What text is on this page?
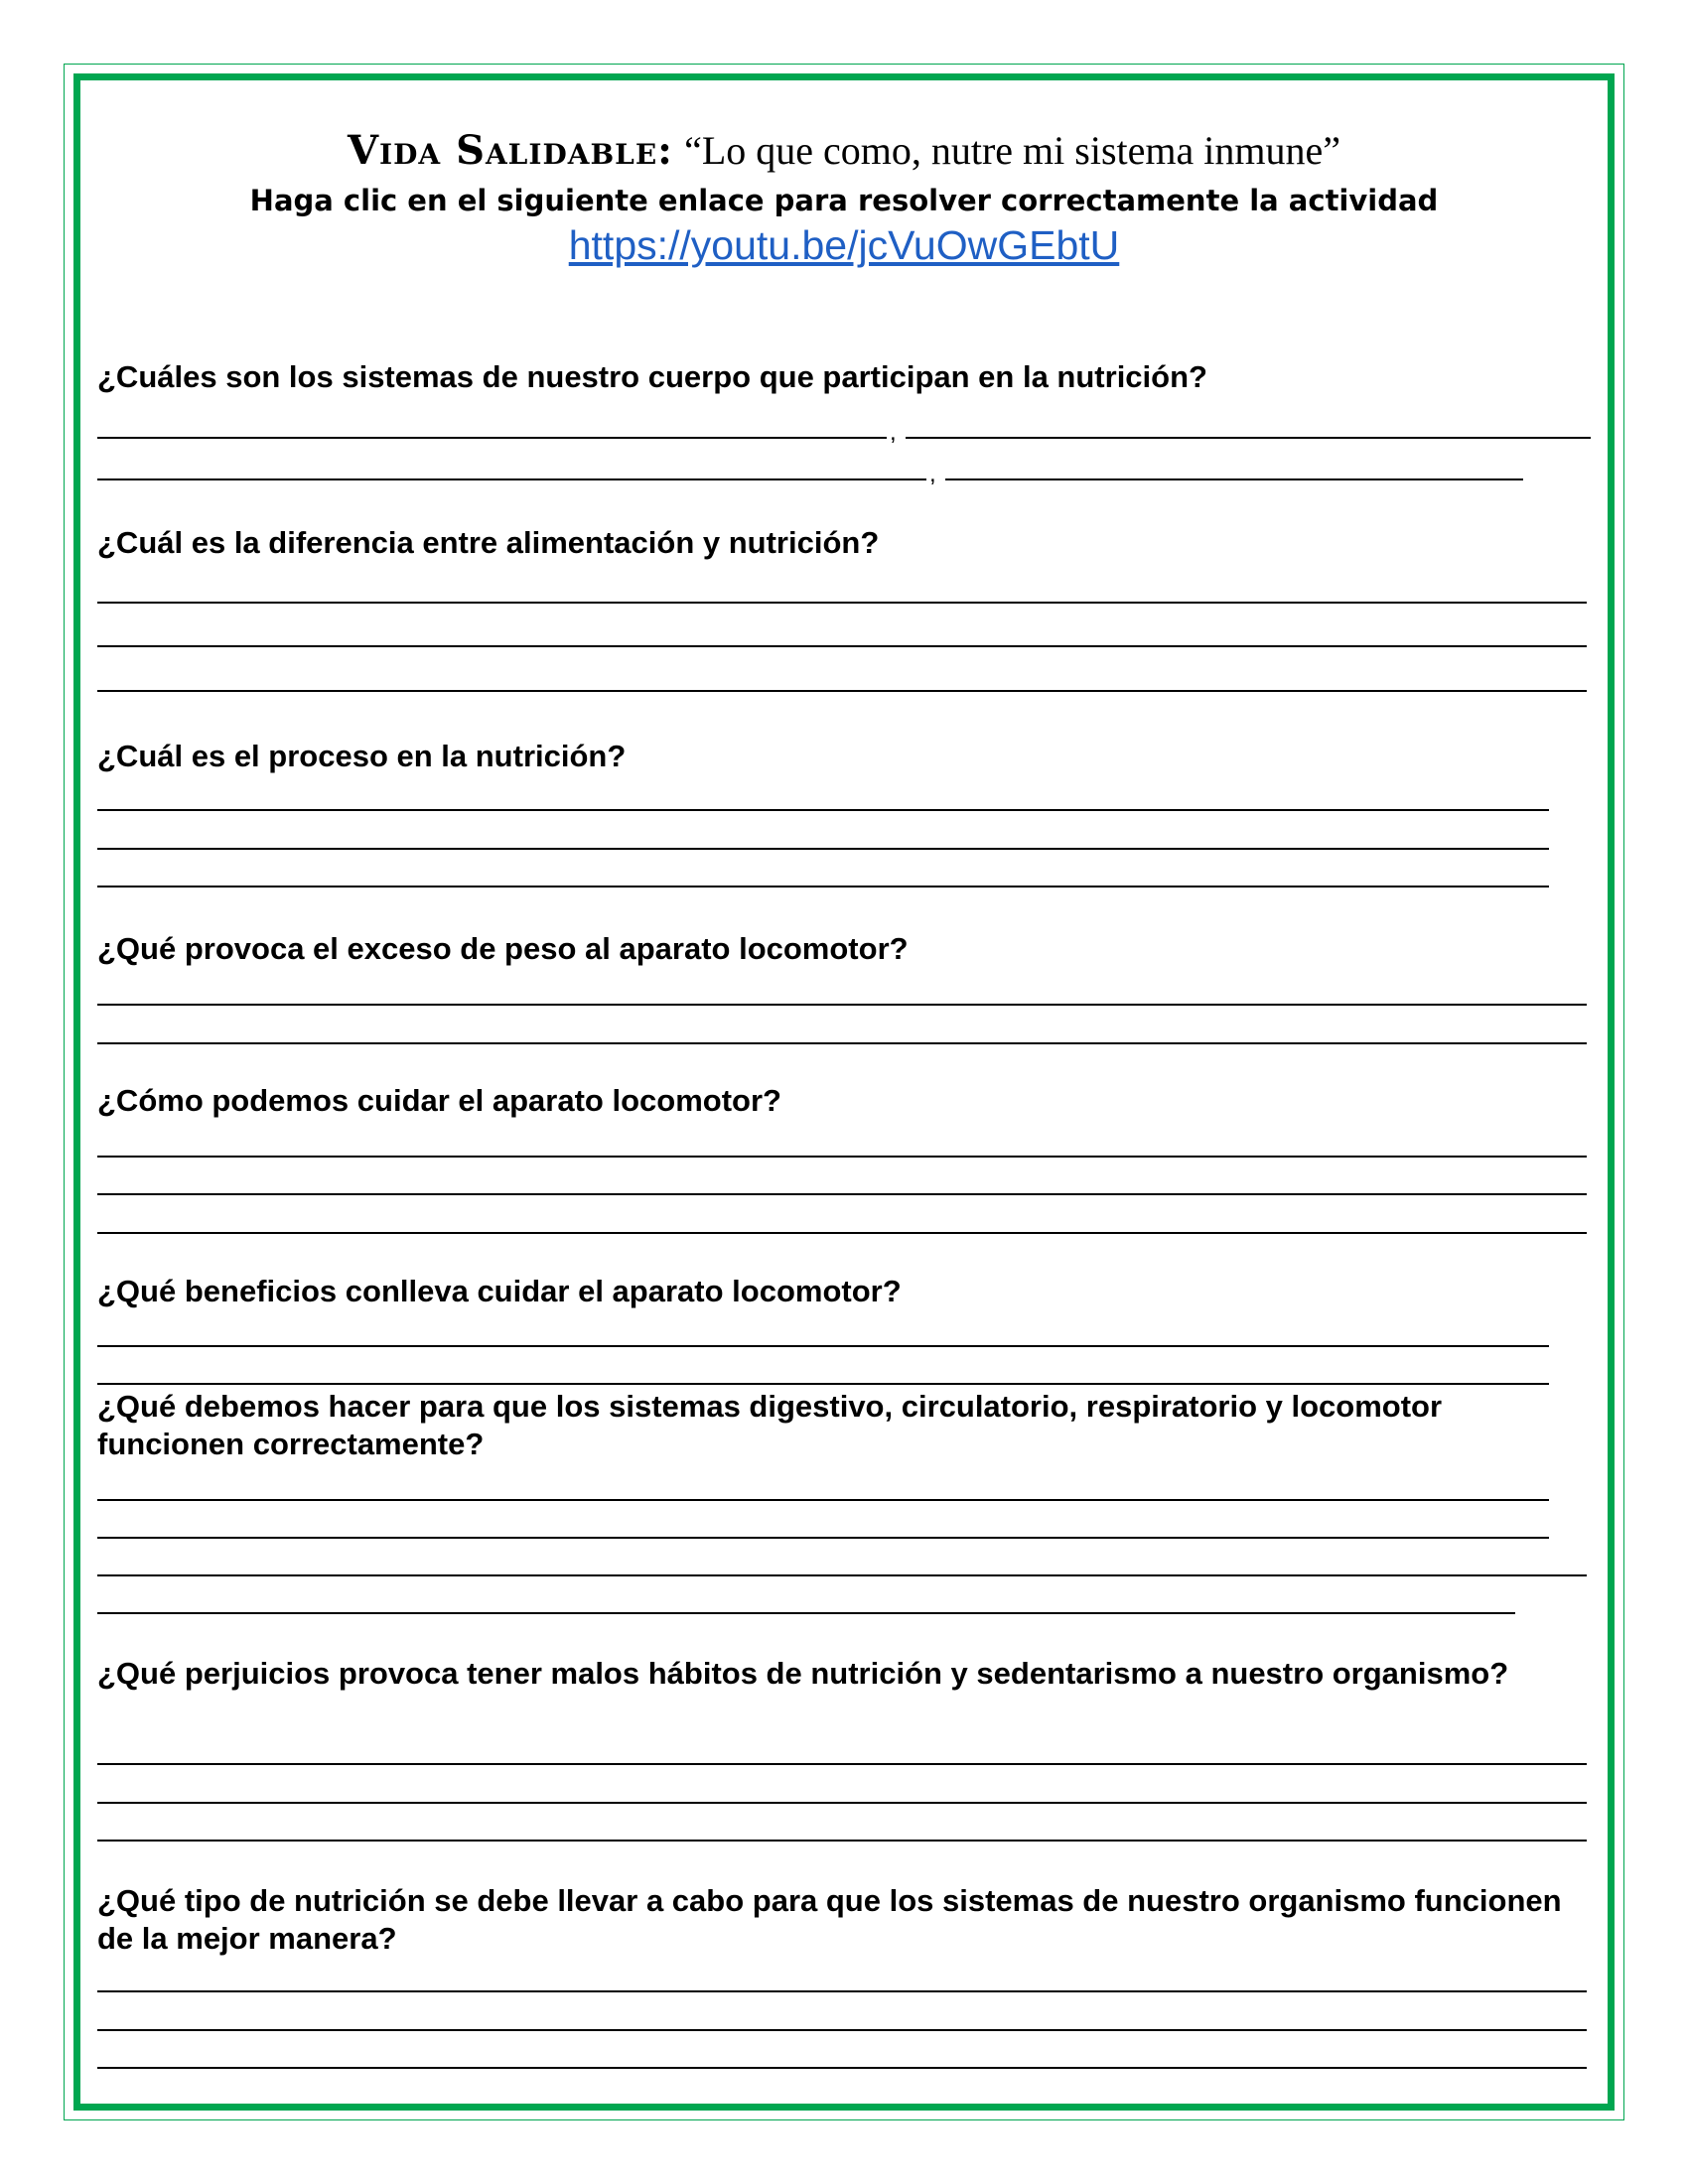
Vida Salidable: “Lo que como, nutre mi sistema inmune”
Haga clic en el siguiente enlace para resolver correctamente la actividad
https://youtu.be/jcVuOwGEbtU
¿Cuáles son los sistemas de nuestro cuerpo que participan en la nutrición?
,
,
¿Cuál es la diferencia entre alimentación y nutrición?
¿Cuál es el proceso en la nutrición?
¿Qué provoca el exceso de peso al aparato locomotor?
¿Cómo podemos cuidar el aparato locomotor?
¿Qué beneficios conlleva cuidar el aparato locomotor?
¿Qué debemos hacer para que los sistemas digestivo, circulatorio, respiratorio y locomotor funcionen correctamente?
¿Qué perjuicios provoca tener malos hábitos de nutrición y sedentarismo a nuestro organismo?
¿Qué tipo de nutrición se debe llevar a cabo para que los sistemas de nuestro organismo funcionen de la mejor manera?
